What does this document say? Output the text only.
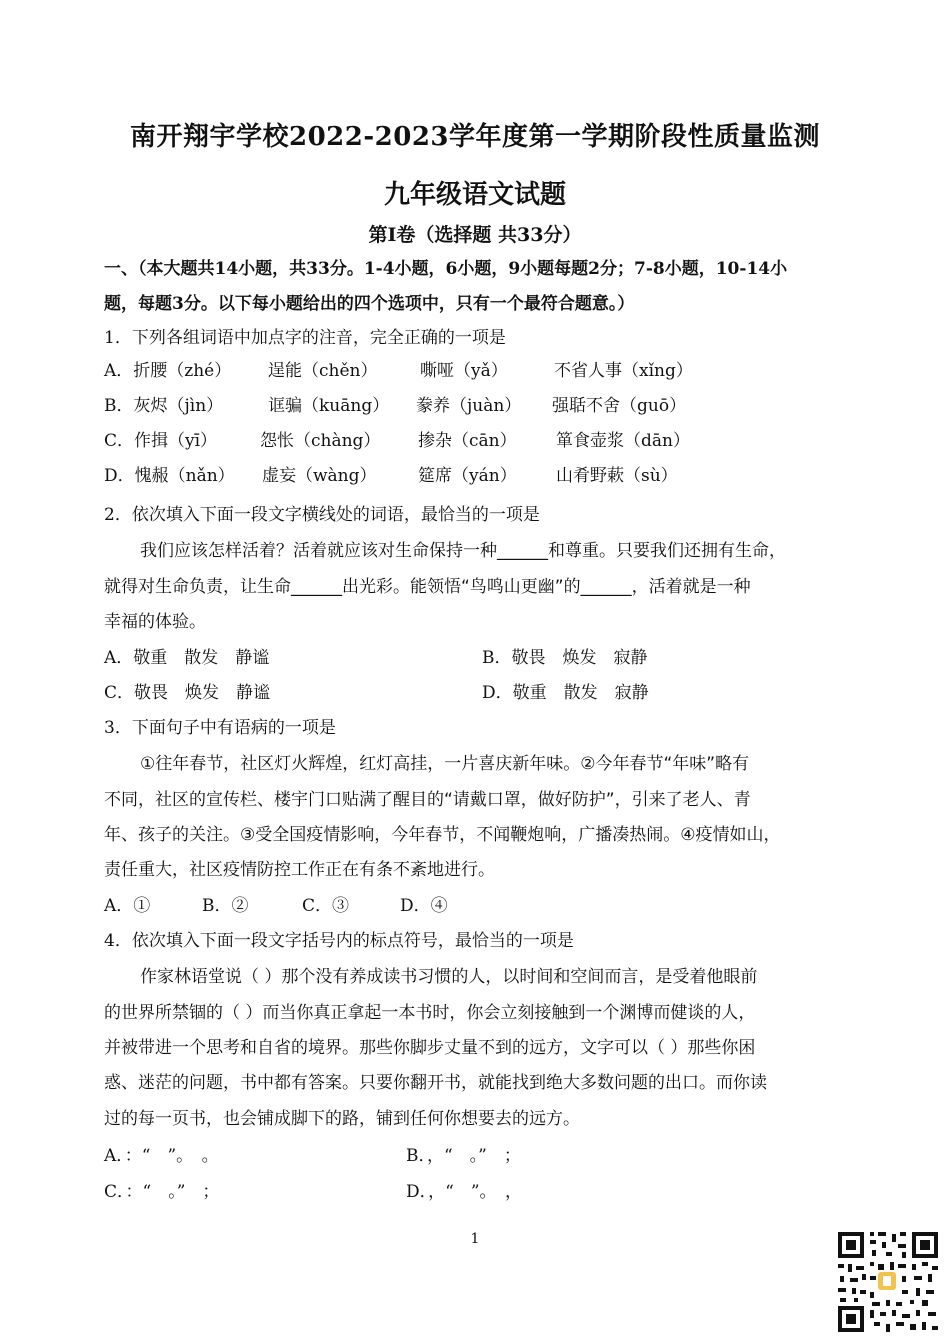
南开翔宇学校2022-2023学年度第一学期阶段性质量监测
九年级语文试题
第Ⅰ卷（选择题 共33分）
一、（本大题共14小题，共33分。1-4小题，6小题，9小题每题2分；7-8小题，10-14小
题，每题3分。以下每小题给出的四个选项中，只有一个最符合题意。）
1．下列各组词语中加点字的注音，完全正确的一项是
A．折腰（zhé） 逞能（chěn）	嘶哑（yǎ）	不省人事（xǐng）
B．灰烬（jìn）	诓骗（kuāng） 豢养（juàn） 强聒不舍（guō）
C．作揖（yī）	怨怅（chàng） 掺杂（cān） 箪食壶浆（dān）
D．愧赧（nǎn） 虚妄（wàng） 筵席（yán） 山肴野蔌（sù）
2．依次填入下面一段文字横线处的词语，最恰当的一项是
我们应该怎样活着？活着就应该对生命保持一种______和尊重。只要我们还拥有生命，
就得对生命负责，让生命______出光彩。能领悟“鸟鸣山更幽”的______，活着就是一种
幸福的体验。
A．敬重　散发　静谧	B．敬畏　焕发　寂静
C．敬畏　焕发　静谧	D．敬重　散发　寂静
3．下面句子中有语病的一项是
①往年春节，社区灯火辉煌，红灯高挂，一片喜庆新年味。②今年春节“年味”略有
不同，社区的宣传栏、楼宇门口贴满了醒目的“请戴口罩，做好防护”，引来了老人、青
年、孩子的关注。③受全国疫情影响，今年春节，不闻鞭炮响，广播凑热闹。④疫情如山，
责任重大，社区疫情防控工作正在有条不紊地进行。
A．①	B．②	C．③	D．④
4．依次填入下面一段文字括号内的标点符号，最恰当的一项是
作家林语堂说（ ）那个没有养成读书习惯的人，以时间和空间而言，是受着他眼前
的世界所禁锢的（ ）而当你真正拿起一本书时，你会立刻接触到一个渊博而健谈的人，
并被带进一个思考和自省的境界。那些你脚步丈量不到的远方，文字可以（ ）那些你困
惑、迷茫的问题，书中都有答案。只要你翻开书，就能找到绝大多数问题的出口。而你读
过的每一页书，也会铺成脚下的路，铺到任何你想要去的远方。
A．：“　”。　。	B．，“　。”　；
C．：“　。”　；	D．，“　”。　，
1
